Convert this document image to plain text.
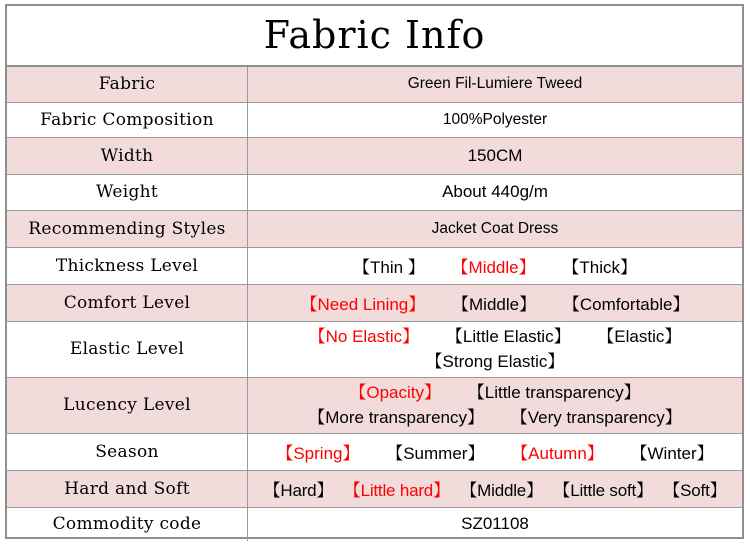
Fabric Info
Fabric	Green Fil-Lumiere Tweed
Fabric Composition	100%Polyester
Width	150CM
Weight	About 440g/m
Recommending Styles	Jacket Coat Dress
Thickness Level	【Thin 】 【Middle】 【Thick】
Comfort Level	【Need Lining】 【Middle】 【Comfortable】
Elastic Level	【No Elastic】 【Little Elastic】 【Elastic】
【Strong Elastic】

Lucency Level	【Opacity】 【Little transparency】
【More transparency】 【Very transparency】

Season	【Spring】 【Summer】 【Autumn】 【Winter】
Hard and Soft	【Hard】 【Little hard】 【Middle】 【Little soft】 【Soft】
Commodity code	SZ01108
